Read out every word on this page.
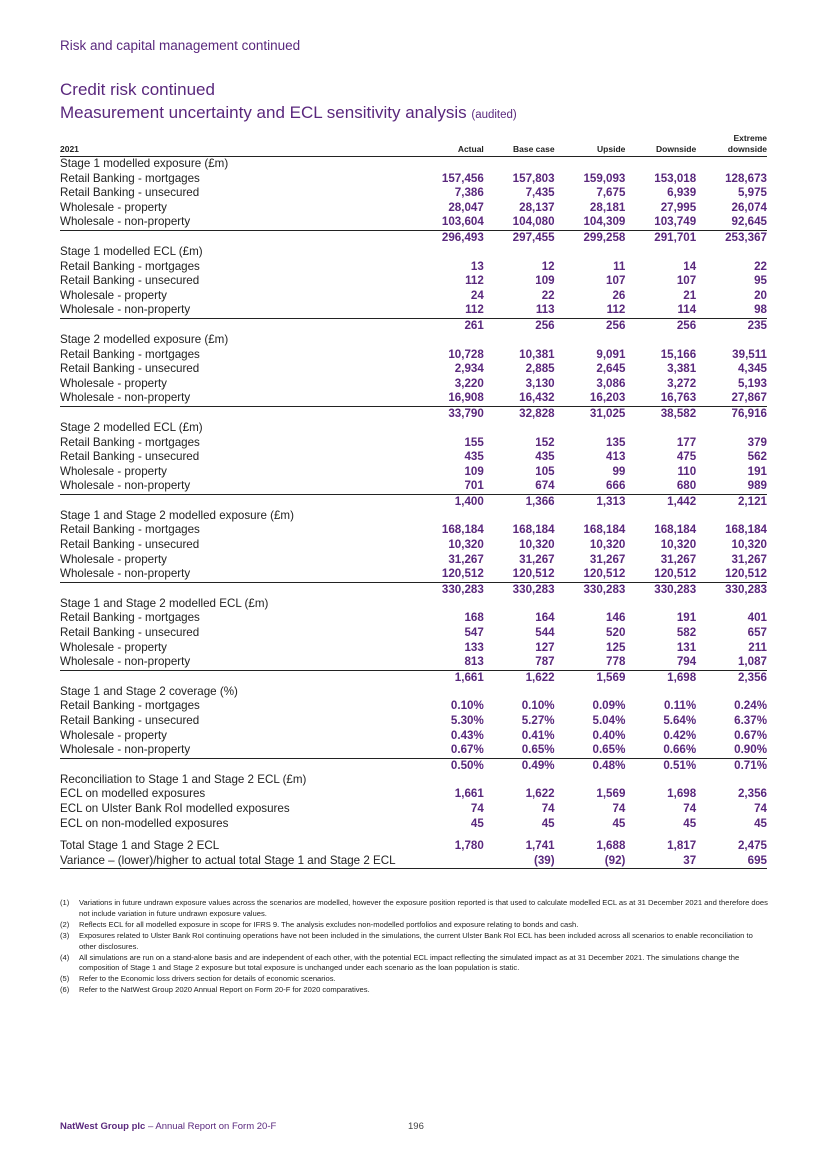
Risk and capital management continued
Credit risk continued
Measurement uncertainty and ECL sensitivity analysis (audited)
2021	Actual	Base case	Upside	Downside	Extreme downside
Stage 1 modelled exposure (£m)					
Retail Banking - mortgages	157,456	157,803	159,093	153,018	128,673
Retail Banking - unsecured	7,386	7,435	7,675	6,939	5,975
Wholesale - property	28,047	28,137	28,181	27,995	26,074
Wholesale - non-property	103,604	104,080	104,309	103,749	92,645
	296,493	297,455	299,258	291,701	253,367
Stage 1 modelled ECL (£m)					
Retail Banking - mortgages	13	12	11	14	22
Retail Banking - unsecured	112	109	107	107	95
Wholesale - property	24	22	26	21	20
Wholesale - non-property	112	113	112	114	98
	261	256	256	256	235
Stage 2 modelled exposure (£m)					
Retail Banking - mortgages	10,728	10,381	9,091	15,166	39,511
Retail Banking - unsecured	2,934	2,885	2,645	3,381	4,345
Wholesale - property	3,220	3,130	3,086	3,272	5,193
Wholesale - non-property	16,908	16,432	16,203	16,763	27,867
	33,790	32,828	31,025	38,582	76,916
Stage 2 modelled ECL (£m)					
Retail Banking - mortgages	155	152	135	177	379
Retail Banking - unsecured	435	435	413	475	562
Wholesale - property	109	105	99	110	191
Wholesale - non-property	701	674	666	680	989
	1,400	1,366	1,313	1,442	2,121
Stage 1 and Stage 2 modelled exposure (£m)					
Retail Banking - mortgages	168,184	168,184	168,184	168,184	168,184
Retail Banking - unsecured	10,320	10,320	10,320	10,320	10,320
Wholesale - property	31,267	31,267	31,267	31,267	31,267
Wholesale - non-property	120,512	120,512	120,512	120,512	120,512
	330,283	330,283	330,283	330,283	330,283
Stage 1 and Stage 2 modelled ECL (£m)					
Retail Banking - mortgages	168	164	146	191	401
Retail Banking - unsecured	547	544	520	582	657
Wholesale - property	133	127	125	131	211
Wholesale - non-property	813	787	778	794	1,087
	1,661	1,622	1,569	1,698	2,356
Stage 1 and Stage 2 coverage (%)					
Retail Banking - mortgages	0.10%	0.10%	0.09%	0.11%	0.24%
Retail Banking - unsecured	5.30%	5.27%	5.04%	5.64%	6.37%
Wholesale - property	0.43%	0.41%	0.40%	0.42%	0.67%
Wholesale - non-property	0.67%	0.65%	0.65%	0.66%	0.90%
	0.50%	0.49%	0.48%	0.51%	0.71%
Reconciliation to Stage 1 and Stage 2 ECL (£m)					
ECL on modelled exposures	1,661	1,622	1,569	1,698	2,356
ECL on Ulster Bank RoI modelled exposures	74	74	74	74	74
ECL on non-modelled exposures	45	45	45	45	45

Total Stage 1 and Stage 2 ECL	1,780	1,741	1,688	1,817	2,475
Variance – (lower)/higher to actual total Stage 1 and Stage 2 ECL		(39)	(92)	37	695
(1)	Variations in future undrawn exposure values across the scenarios are modelled, however the exposure position reported is that used to calculate modelled ECL as at 31 December 2021 and therefore does not include variation in future undrawn exposure values.
(2)	Reflects ECL for all modelled exposure in scope for IFRS 9. The analysis excludes non-modelled portfolios and exposure relating to bonds and cash.
(3)	Exposures related to Ulster Bank RoI continuing operations have not been included in the simulations, the current Ulster Bank RoI ECL has been included across all scenarios to enable reconciliation to other disclosures.
(4)	All simulations are run on a stand-alone basis and are independent of each other, with the potential ECL impact reflecting the simulated impact as at 31 December 2021. The simulations change the composition of Stage 1 and Stage 2 exposure but total exposure is unchanged under each scenario as the loan population is static.
(5)	Refer to the Economic loss drivers section for details of economic scenarios.
(6)	Refer to the NatWest Group 2020 Annual Report on Form 20-F for 2020 comparatives.
NatWest Group plc – Annual Report on Form 20-F	196
